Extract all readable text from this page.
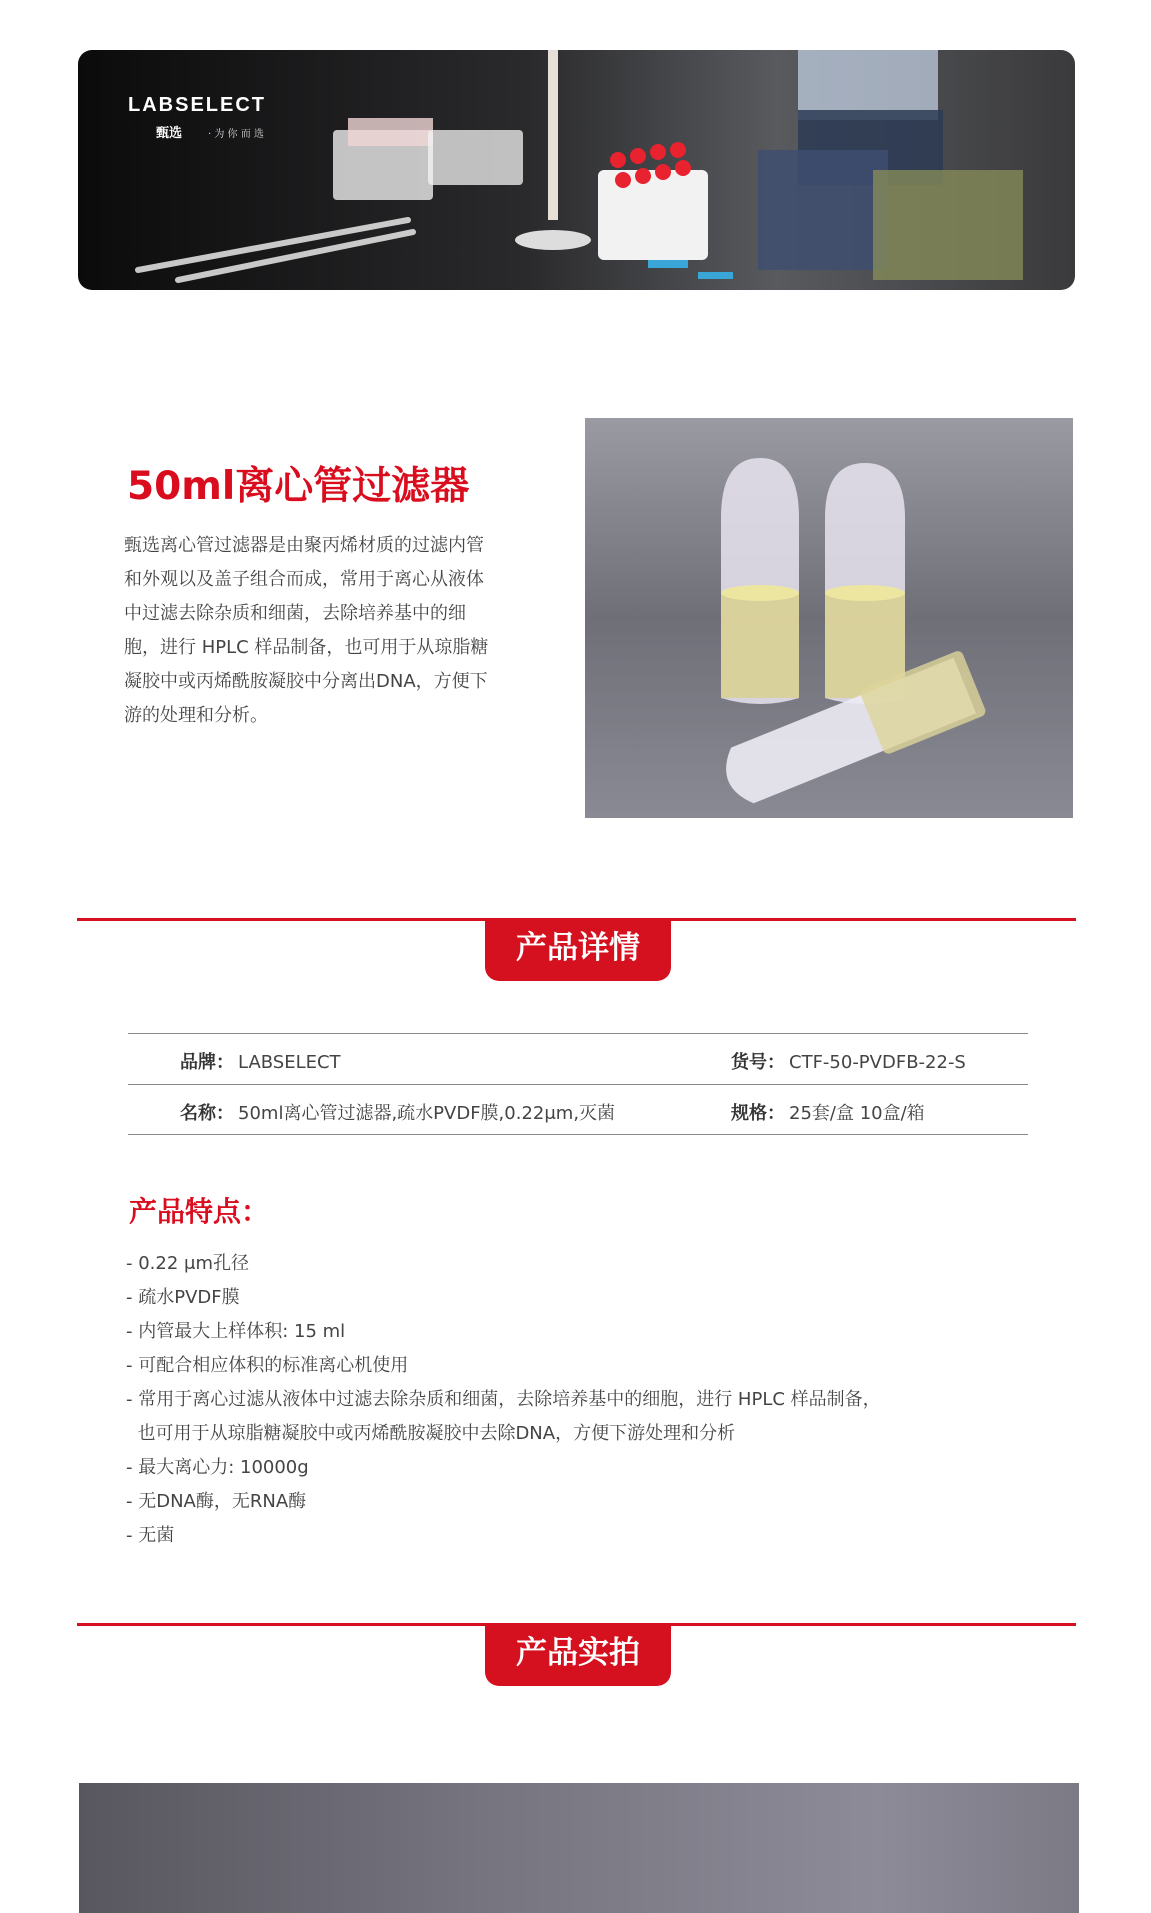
LABSELECT
甄选	· 为 你 而 选
50ml离心管过滤器
甄选离心管过滤器是由聚丙烯材质的过滤内管和外观以及盖子组合而成，常用于离心从液体中过滤去除杂质和细菌，去除培养基中的细胞，进行 HPLC 样品制备，也可用于从琼脂糖凝胶中或丙烯酰胺凝胶中分离出DNA，方便下游的处理和分析。
产品详情
品牌： LABSELECT	货号： CTF-50-PVDFB-22-S
名称： 50ml离心管过滤器,疏水PVDF膜,0.22μm,灭菌	规格： 25套/盒 10盒/箱
产品特点：
- 0.22 μm孔径
- 疏水PVDF膜
- 内管最大上样体积: 15 ml
- 可配合相应体积的标准离心机使用
- 常用于离心过滤从液体中过滤去除杂质和细菌，去除培养基中的细胞，进行 HPLC 样品制备，
也可用于从琼脂糖凝胶中或丙烯酰胺凝胶中去除DNA，方便下游处理和分析
- 最大离心力: 10000g
- 无DNA酶，无RNA酶
- 无菌
产品实拍
